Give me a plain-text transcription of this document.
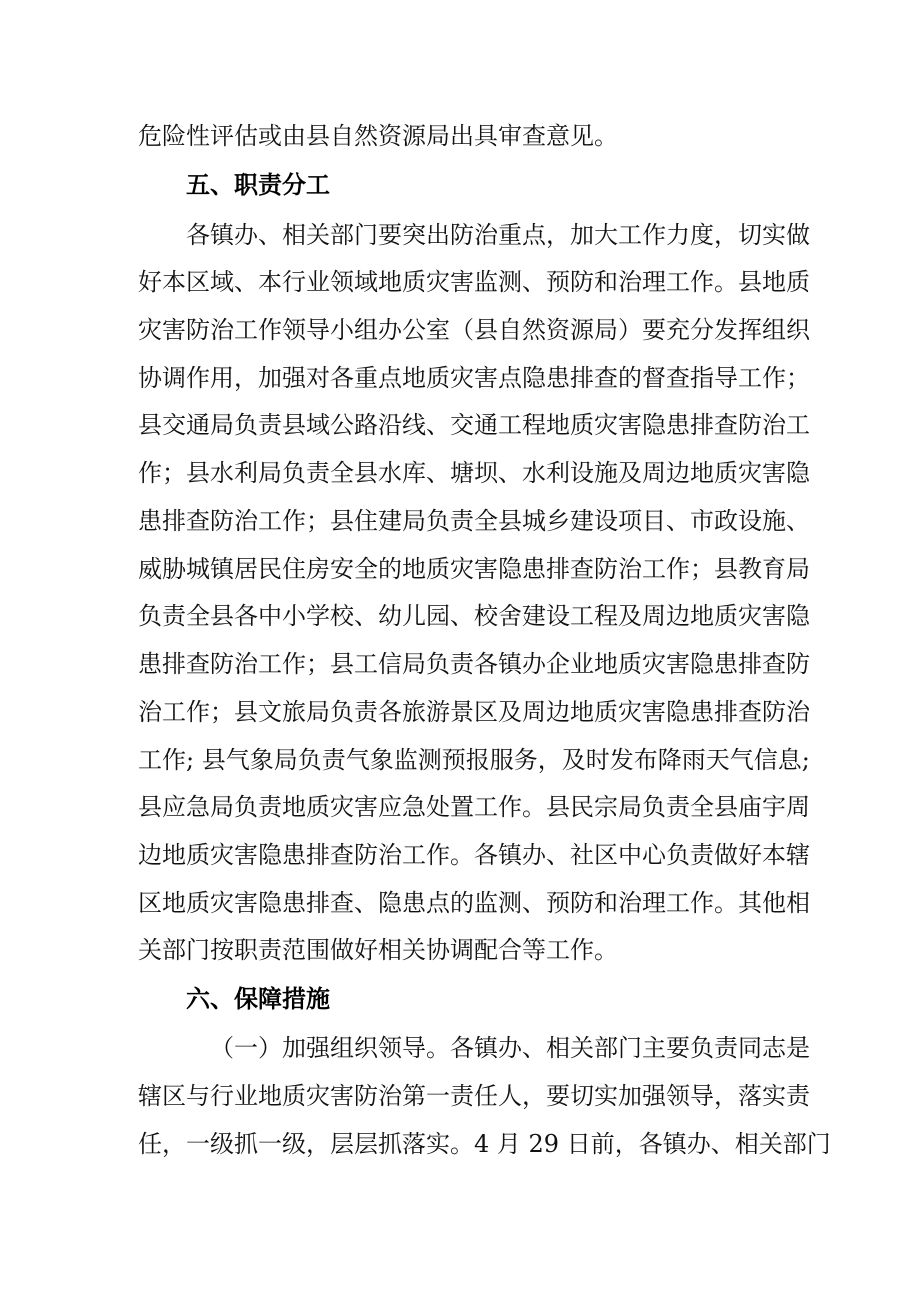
危险性评估或由县自然资源局出具审查意见。
五、职责分工
各镇办、相关部门要突出防治重点，加大工作力度，切实做
好本区域、本行业领域地质灾害监测、预防和治理工作。县地质
灾害防治工作领导小组办公室（县自然资源局）要充分发挥组织
协调作用，加强对各重点地质灾害点隐患排查的督查指导工作；
县交通局负责县域公路沿线、交通工程地质灾害隐患排查防治工
作；县水利局负责全县水库、塘坝、水利设施及周边地质灾害隐
患排查防治工作；县住建局负责全县城乡建设项目、市政设施、
威胁城镇居民住房安全的地质灾害隐患排查防治工作；县教育局
负责全县各中小学校、幼儿园、校舍建设工程及周边地质灾害隐
患排查防治工作；县工信局负责各镇办企业地质灾害隐患排查防
治工作；县文旅局负责各旅游景区及周边地质灾害隐患排查防治
工作; 县气象局负责气象监测预报服务，及时发布降雨天气信息;
县应急局负责地质灾害应急处置工作。县民宗局负责全县庙宇周
边地质灾害隐患排查防治工作。各镇办、社区中心负责做好本辖
区地质灾害隐患排查、隐患点的监测、预防和治理工作。其他相
关部门按职责范围做好相关协调配合等工作。
六、保障措施
（一）加强组织领导。各镇办、相关部门主要负责同志是
辖区与行业地质灾害防治第一责任人，要切实加强领导，落实责
任，一级抓一级，层层抓落实。4 月 29 日前，各镇办、相关部门
